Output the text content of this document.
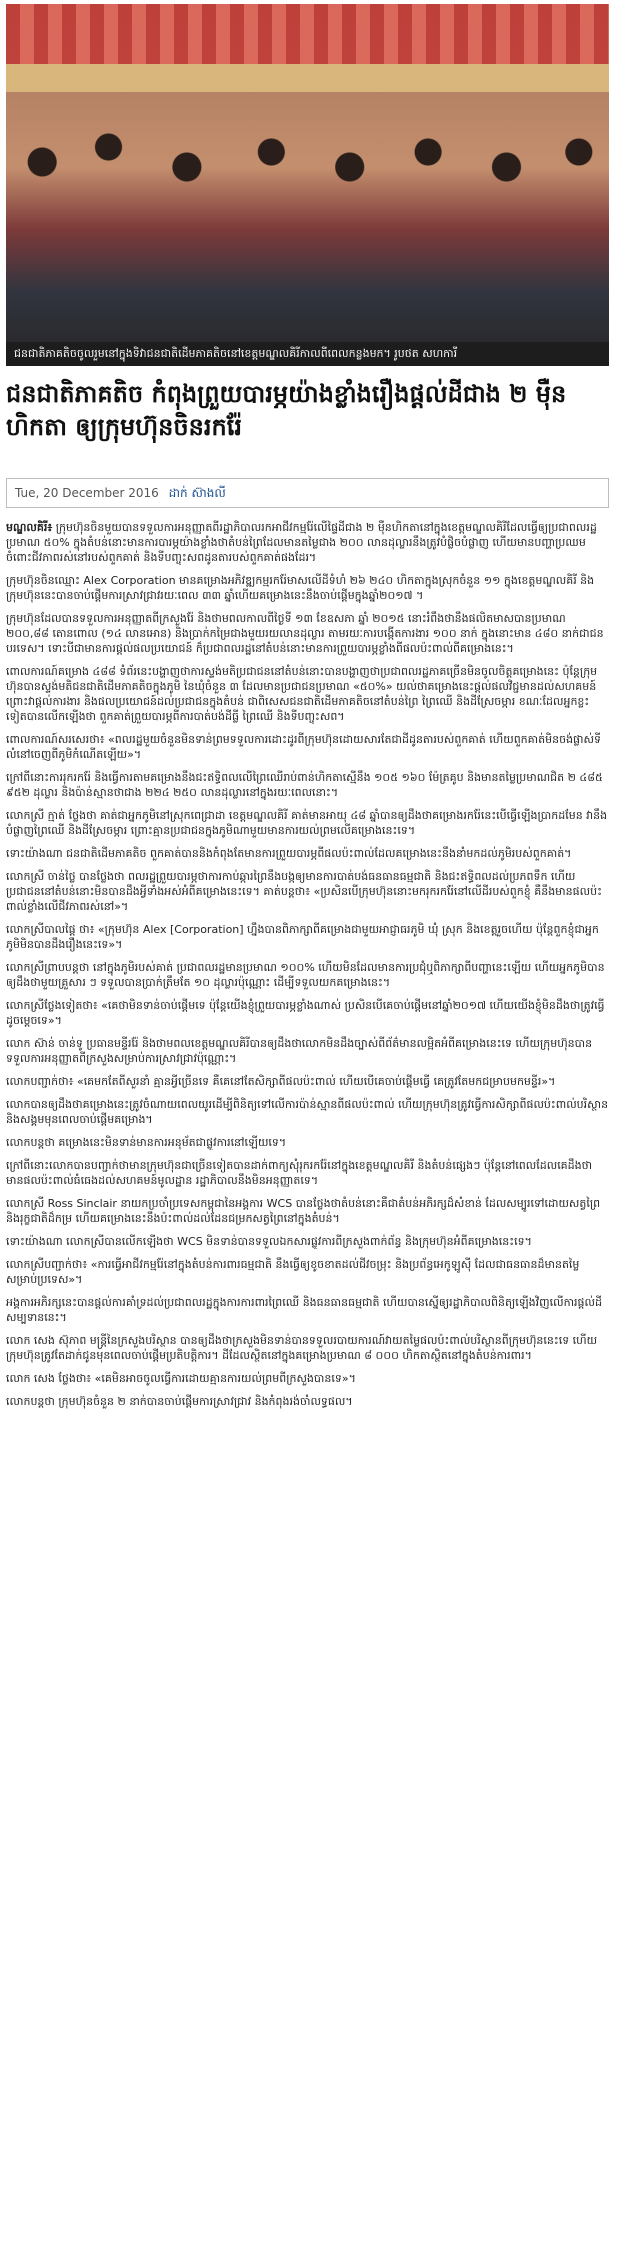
ជនជាតិភាគតិចចូលរួមនៅក្នុងទិវាជនជាតិដើមភាគតិចនៅខេត្តមណ្ឌលគិរីកាលពីពេលកន្លងមក។ រូបថត សហការី
ជនជាតិភាគតិច កំពុងព្រួយបារម្ភយ៉ាងខ្លាំងរឿងផ្តល់ដីជាង ២ ម៉ឺនហិកតា ឲ្យក្រុមហ៊ុនចិនរករ៉ែ
Tue, 20 December 2016 ដាក់ ស៊ាងលី

មណ្ឌលគិរី៖ ក្រុមហ៊ុនចិនមួយបានទទួលការអនុញ្ញាតពីរដ្ឋាភិបាលរកអាជីវកម្មរ៉ែលើផ្ទៃដីជាង ២ ម៉ឺនហិកតានៅក្នុងខេត្តមណ្ឌលគិរីដែលធ្វើឲ្យប្រជាពលរដ្ឋប្រមាណ ៥០% ក្នុងតំបន់នោះមានការបារម្ភយ៉ាងខ្លាំងថាតំបន់ព្រៃដែលមានតម្លៃជាង ២០០ លានដុល្លារនឹងត្រូវបំផ្លិចបំផ្លាញ ហើយមានបញ្ហាប្រឈមចំពោះជីវភាពរស់នៅរបស់ពួកគាត់ និងទីបញ្ចុះសពដូនតារបស់ពួកគាត់ផងដែរ។

ក្រុមហ៊ុនចិនឈ្មោះ Alex Corporation មានគម្រោងអភិវឌ្ឍកម្មរករ៉ែមាសលើដីទំហំ ២៦ ២៤០ ហិកតាក្នុងស្រុកចំនួន ១១ ក្នុងខេត្តមណ្ឌលគិរី និងក្រុមហ៊ុននេះបានចាប់ផ្តើមការស្រាវជ្រាវរយៈពេល ៣៣ ឆ្នាំហើយគម្រោងនេះនឹងចាប់ផ្តើមក្នុងឆ្នាំ២០១៧ ។

ក្រុមហ៊ុនដែលបានទទួលការអនុញ្ញាតពីក្រសួងរ៉ែ និងថាមពលកាលពីថ្ងៃទី ១៣ ខែឧសភា ឆ្នាំ ២០១៥ នោះរំពឹងថានឹងផលិតមាសបានប្រមាណ ២០០,៨៨ តោនពោល (១៤ លានអោន) និងប្រាក់កម្រៃជាងមួយរយលានដុល្លារ តាមរយៈការបង្កើតការងារ ១០០ នាក់ ក្នុងនោះមាន ៤៨០ នាក់ជាជនបរទេស។ ទោះបីជាមានការផ្តល់ផលប្រយោជន៍ ក៏ប្រជាពលរដ្ឋនៅតំបន់នោះមានការព្រួយបារម្ភខ្លាំងពីផលប៉ះពាល់ពីគម្រោងនេះ។

ពោលការណ៍គម្រោង ៤៨៨ ទំព័រនេះបង្ហាញថាការស្ទង់មតិប្រជាជននៅតំបន់នោះបានបង្ហាញថាប្រជាពលរដ្ឋភាគច្រើនមិនចូលចិត្តគម្រោងនេះ ប៉ុន្តែក្រុមហ៊ុនបានស្ទង់មតិជនជាតិដើមភាគតិចក្នុងភូមិ នៃឃុំចំនួន ៣ ដែលមានប្រជាជនប្រមាណ «៥០%» យល់ថាគម្រោងនេះផ្តល់ផលវិជ្ជមានដល់សហគមន៍ ព្រោះវាផ្តល់ការងារ និងផលប្រយោជន៍ដល់ប្រជាជនក្នុងតំបន់ ជាពិសេសជនជាតិដើមភាគតិចនៅតំបន់ព្រៃ ព្រៃឈើ និងដីស្រែចម្ការ ខណៈដែលអ្នកខ្លះទៀតបានលើកឡើងថា ពួកគាត់ព្រួយបារម្ភពីការបាត់បង់ដីធ្លី ព្រៃឈើ និងទីបញ្ចុះសព។

ពោលការណ៍សរសេរថា៖ «ពលរដ្ឋមួយចំនួនមិនទាន់ព្រមទទួលការដោះដូរពីក្រុមហ៊ុនដោយសារតែជាដីដូនតារបស់ពួកគាត់ ហើយពួកគាត់មិនចង់ផ្លាស់ទីលំនៅចេញពីភូមិកំណើតឡើយ»។

ក្រៅពីនោះការរុករករ៉ែ និងធ្វើការតាមគម្រោងនឹងជះឥទ្ធិពលលើព្រៃឈើរាប់ពាន់ហិកតាស្មើនឹង ១០៥ ១៦០ ម៉ែត្រគូប និងមានតម្លៃប្រមាណជិត ២ ៤៨៥ ៩៥២ ដុល្លារ និងប៉ាន់ស្មានថាជាង ២២៤ ២៥០ លានដុល្លារនៅក្នុងរយៈពេលនោះ។

លោកស្រី ក្មាត់ ថ្លែងថា គាត់ជាអ្នកភូមិនៅស្រុកពេជ្រាដា ខេត្តមណ្ឌលគិរី គាត់មានអាយុ ៤៨ ឆ្នាំបានឲ្យដឹងថាគម្រោងរករ៉ែនេះបើធ្វើឡើងប្រាកដមែន វានឹងបំផ្លាញព្រៃឈើ និងដីស្រែចម្ការ ព្រោះគ្មានប្រជាជនក្នុងភូមិណាមួយមានការយល់ព្រមលើគម្រោងនេះទេ។

ទោះយ៉ាងណា ជនជាតិដើមភាគតិច ពួកគាត់បាននិងកំពុងតែមានការព្រួយបារម្ភពីផលប៉ះពាល់ដែលគម្រោងនេះនឹងនាំមកដល់ភូមិរបស់ពួកគាត់។

លោកស្រី ចាន់ថ្លៃ បានថ្លែងថា ពលរដ្ឋព្រួយបារម្ភថាការកាប់ឆ្ការព្រៃនឹងបង្កឲ្យមានការបាត់បង់ធនធានធម្មជាតិ និងជះឥទ្ធិពលដល់ប្រភពទឹក ហើយប្រជាជននៅតំបន់នោះមិនបានដឹងអ្វីទាំងអស់អំពីគម្រោងនេះទេ។ គាត់បន្តថា៖ «ប្រសិនបើក្រុមហ៊ុននោះមករុករករ៉ែនៅលើដីរបស់ពួកខ្ញុំ គឺនឹងមានផលប៉ះពាល់ខ្លាំងលើជីវភាពរស់នៅ»។

លោកស្រីបាលផ្តៃ ថា៖ «ក្រុមហ៊ុន Alex [Corporation] ហ្នឹងបានពិភាក្សាពីគម្រោងជាមួយអាជ្ញាធរភូមិ ឃុំ ស្រុក និងខេត្តរួចហើយ ប៉ុន្តែពួកខ្ញុំជាអ្នកភូមិមិនបានដឹងរឿងនេះទេ»។

លោកស្រីព្រាបបន្តថា នៅក្នុងភូមិរបស់គាត់ ប្រជាពលរដ្ឋមានប្រមាណ ១០០% ហើយមិនដែលមានការប្រជុំឬពិភាក្សាពីបញ្ហានេះឡើយ ហើយអ្នកភូមិបានឲ្យដឹងថាមួយគ្រួសារ ៗ ទទួលបានប្រាក់ត្រឹមតែ ១០ ដុល្លារប៉ុណ្ណោះ ដើម្បីទទួលយកគម្រោងនេះ។

លោកស្រីថ្លែងទៀតថា៖ «គេថាមិនទាន់ចាប់ផ្តើមទេ ប៉ុន្តែយើងខ្ញុំព្រួយបារម្ភខ្លាំងណាស់ ប្រសិនបើគេចាប់ផ្តើមនៅឆ្នាំ២០១៧ ហើយយើងខ្ញុំមិនដឹងថាត្រូវធ្វើដូចម្តេចទេ»។

លោក ស៊ាន់ ចាន់ទូ ប្រធានមន្ទីររ៉ែ និងថាមពលខេត្តមណ្ឌលគិរីបានឲ្យដឹងថាលោកមិនដឹងច្បាស់ពីព័ត៌មានលម្អិតអំពីគម្រោងនេះទេ ហើយក្រុមហ៊ុនបានទទួលការអនុញ្ញាតពីក្រសួងសម្រាប់ការស្រាវជ្រាវប៉ុណ្ណោះ។

លោកបញ្ជាក់ថា៖ «គេមកតែពីសួរនាំ គ្មានអ្វីច្រើនទេ គឺគេនៅតែសិក្សាពីផលប៉ះពាល់ ហើយបើគេចាប់ផ្តើមធ្វើ គេត្រូវតែមកជម្រាបមកមន្ទីរ»។

លោកបានឲ្យដឹងថាគម្រោងនេះត្រូវចំណាយពេលយូរដើម្បីពិនិត្យទៅលើការប៉ាន់ស្មានពីផលប៉ះពាល់ ហើយក្រុមហ៊ុនត្រូវធ្វើការសិក្សាពីផលប៉ះពាល់បរិស្ថាន និងសង្គមមុនពេលចាប់ផ្តើមគម្រោង។

លោកបន្តថា គម្រោងនេះមិនទាន់មានការអនុម័តជាផ្លូវការនៅឡើយទេ។

ក្រៅពីនោះលោកបានបញ្ជាក់ថាមានក្រុមហ៊ុនជាច្រើនទៀតបានដាក់ពាក្យសុំរុករករ៉ែនៅក្នុងខេត្តមណ្ឌលគិរី និងតំបន់ផ្សេងៗ ប៉ុន្តែនៅពេលដែលគេដឹងថាមានផលប៉ះពាល់ធំធេងដល់សហគមន៍មូលដ្ឋាន រដ្ឋាភិបាលនឹងមិនអនុញ្ញាតទេ។

លោកស្រី Ross Sinclair នាយកប្រចាំប្រទេសកម្ពុជានៃអង្គការ WCS បានថ្លែងថាតំបន់នោះគឺជាតំបន់អភិរក្សដ៏សំខាន់ ដែលសម្បូរទៅដោយសត្វព្រៃ និងរុក្ខជាតិដ៏កម្រ ហើយគម្រោងនេះនឹងប៉ះពាល់ដល់ដែនជម្រកសត្វព្រៃនៅក្នុងតំបន់។

ទោះយ៉ាងណា លោកស្រីបានលើកឡើងថា WCS មិនទាន់បានទទួលឯកសារផ្លូវការពីក្រសួងពាក់ព័ន្ធ និងក្រុមហ៊ុនអំពីគម្រោងនេះទេ។

លោកស្រីបញ្ជាក់ថា៖ «ការធ្វើអាជីវកម្មរ៉ែនៅក្នុងតំបន់ការពារធម្មជាតិ នឹងធ្វើឲ្យខូចខាតដល់ជីវចម្រុះ និងប្រព័ន្ធអេកូឡូស៊ី ដែលជាធនធានដ៏មានតម្លៃសម្រាប់ប្រទេស»។

អង្គការអភិរក្សនេះបានផ្តល់ការគាំទ្រដល់ប្រជាពលរដ្ឋក្នុងការការពារព្រៃឈើ និងធនធានធម្មជាតិ ហើយបានស្នើឲ្យរដ្ឋាភិបាលពិនិត្យឡើងវិញលើការផ្តល់ដីសម្បទាននេះ។

លោក សេង ស៊ុភាព មន្ត្រីនៃក្រសួងបរិស្ថាន បានឲ្យដឹងថាក្រសួងមិនទាន់បានទទួលរបាយការណ៍វាយតម្លៃផលប៉ះពាល់បរិស្ថានពីក្រុមហ៊ុននេះទេ ហើយក្រុមហ៊ុនត្រូវតែដាក់ជូនមុនពេលចាប់ផ្តើមប្រតិបត្តិការ។ ដីដែលស្ថិតនៅក្នុងគម្រោងប្រមាណ ៨ ០០០ ហិកតាស្ថិតនៅក្នុងតំបន់ការពារ។

លោក សេង ថ្លែងថា៖ «គេមិនអាចចូលធ្វើការដោយគ្មានការយល់ព្រមពីក្រសួងបានទេ»។

លោកបន្តថា ក្រុមហ៊ុនចំនួន ២ នាក់បានចាប់ផ្តើមការស្រាវជ្រាវ និងកំពុងរង់ចាំលទ្ធផល។
